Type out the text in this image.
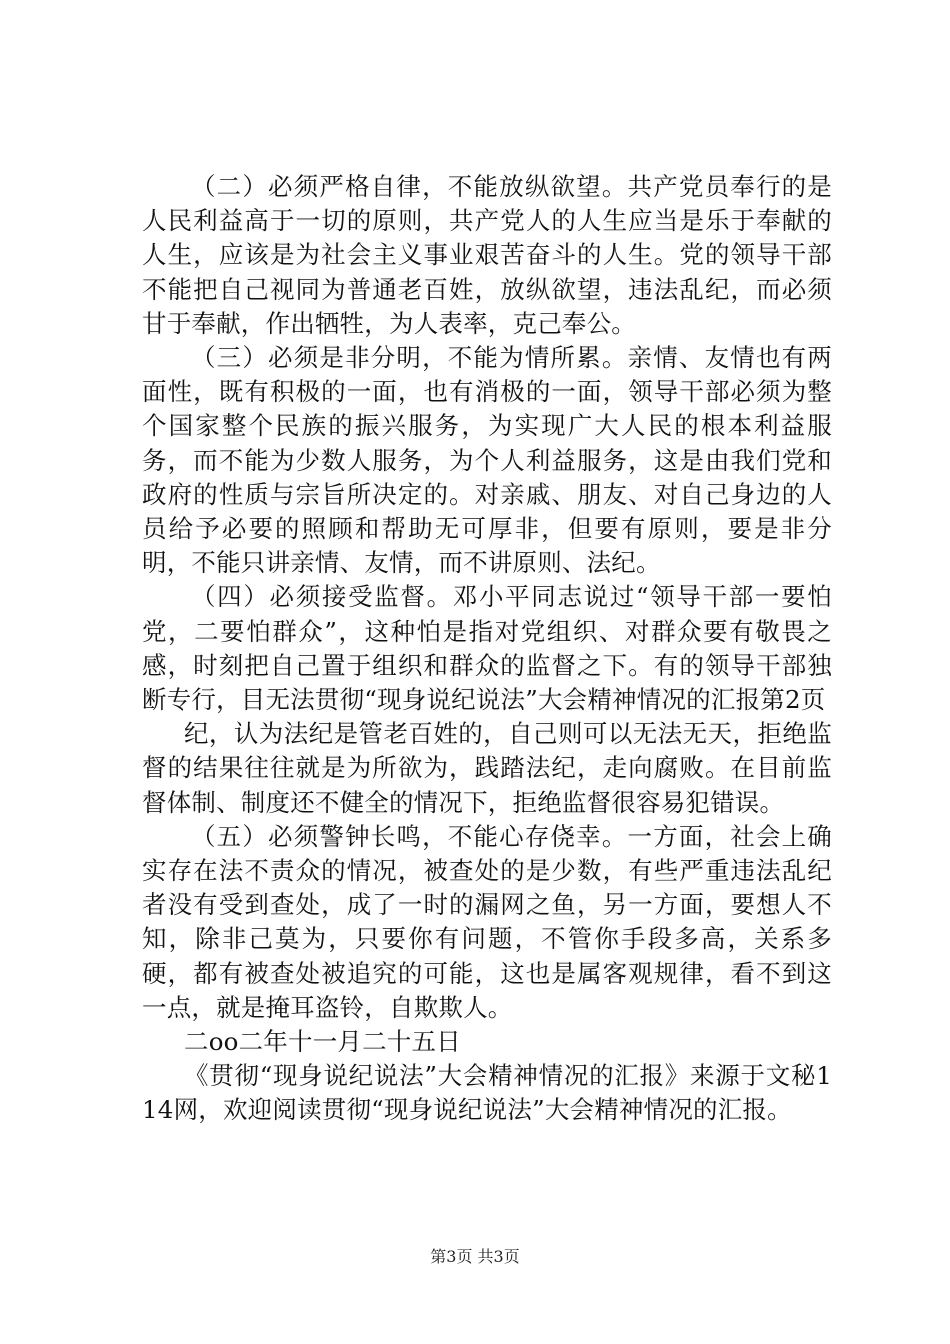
（二）必须严格自律，不能放纵欲望。共产党员奉行的是人民利益高于一切的原则，共产党人的人生应当是乐于奉献的人生，应该是为社会主义事业艰苦奋斗的人生。党的领导干部不能把自己视同为普通老百姓，放纵欲望，违法乱纪，而必须甘于奉献，作出牺牲，为人表率，克己奉公。

（三）必须是非分明，不能为情所累。亲情、友情也有两面性，既有积极的一面，也有消极的一面，领导干部必须为整个国家整个民族的振兴服务，为实现广大人民的根本利益服务，而不能为少数人服务，为个人利益服务，这是由我们党和政府的性质与宗旨所决定的。对亲戚、朋友、对自己身边的人员给予必要的照顾和帮助无可厚非，但要有原则，要是非分明，不能只讲亲情、友情，而不讲原则、法纪。

（四）必须接受监督。邓小平同志说过“领导干部一要怕党，二要怕群众”，这种怕是指对党组织、对群众要有敬畏之感，时刻把自己置于组织和群众的监督之下。有的领导干部独断专行，目无法贯彻“现身说纪说法”大会精神情况的汇报第2页

纪，认为法纪是管老百姓的，自己则可以无法无天，拒绝监督的结果往往就是为所欲为，践踏法纪，走向腐败。在目前监督体制、制度还不健全的情况下，拒绝监督很容易犯错误。

（五）必须警钟长鸣，不能心存侥幸。一方面，社会上确实存在法不责众的情况，被查处的是少数，有些严重违法乱纪者没有受到查处，成了一时的漏网之鱼，另一方面，要想人不知，除非己莫为，只要你有问题，不管你手段多高，关系多硬，都有被查处被追究的可能，这也是属客观规律，看不到这一点，就是掩耳盗铃，自欺欺人。

二oo二年十一月二十五日

《贯彻“现身说纪说法”大会精神情况的汇报》来源于文秘114网，欢迎阅读贯彻“现身说纪说法”大会精神情况的汇报。

第3页 共3页
